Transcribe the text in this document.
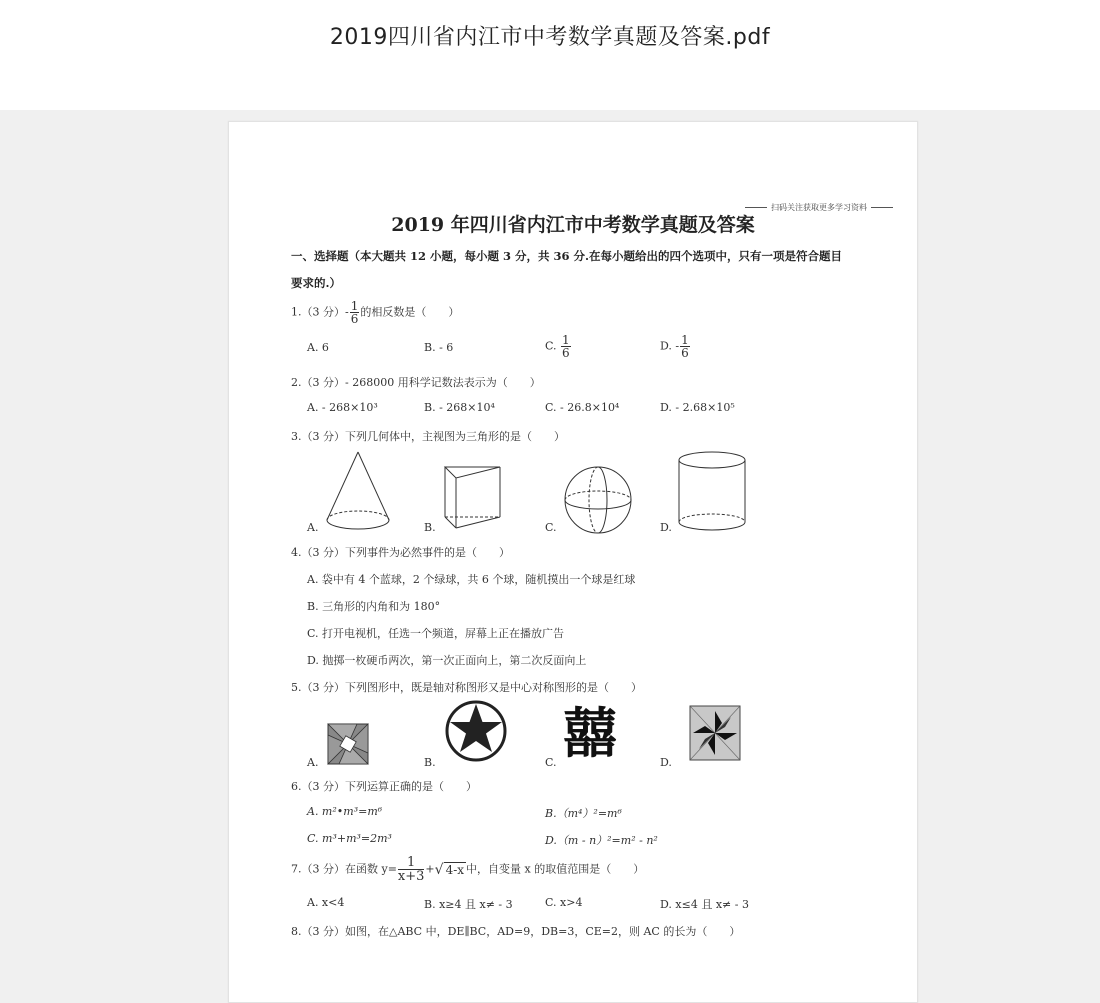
2019四川省内江市中考数学真题及答案.pdf
扫码关注获取更多学习资料
2019 年四川省内江市中考数学真题及答案
一、选择题（本大题共 12 小题，每小题 3 分，共 36 分.在每小题给出的四个选项中，只有一项是符合题目
要求的.）
1.（3 分）- $\frac{1}{6}$ 的相反数是（　　）
A. 6	B. - 6	C. $\frac{1}{6}$	D. - $\frac{1}{6}$
2.（3 分）- 268000 用科学记数法表示为（　　）
A. - 268×10³	B. - 268×10⁴	C. - 26.8×10⁴	D. - 2.68×10⁵
3.（3 分）下列几何体中，主视图为三角形的是（　　）
A.	B.	C.	D.
4.（3 分）下列事件为必然事件的是（　　）
A. 袋中有 4 个蓝球，2 个绿球，共 6 个球，随机摸出一个球是红球
B. 三角形的内角和为 180°
C. 打开电视机，任选一个频道，屏幕上正在播放广告
D. 抛掷一枚硬币两次，第一次正面向上，第二次反面向上
5.（3 分）下列图形中，既是轴对称图形又是中心对称图形的是（　　）
A.	B.	C.	D.
囍
6.（3 分）下列运算正确的是（　　）
A. m²•m³=m⁶	B.（m⁴）²=m⁶
C. m³+m³=2m³	D.（m - n）²=m² - n²
7.（3 分）在函数 $y= \frac{1}{x+3}$ +√ 4-x 中，自变量 x 的取值范围是（　　）
A. x<4	B. x≥4 且 x≠ - 3	C. x>4	D. x≤4 且 x≠ - 3
8.（3 分）如图，在△ABC 中，DE∥BC，AD=9，DB=3，CE=2，则 AC 的长为（　　）
